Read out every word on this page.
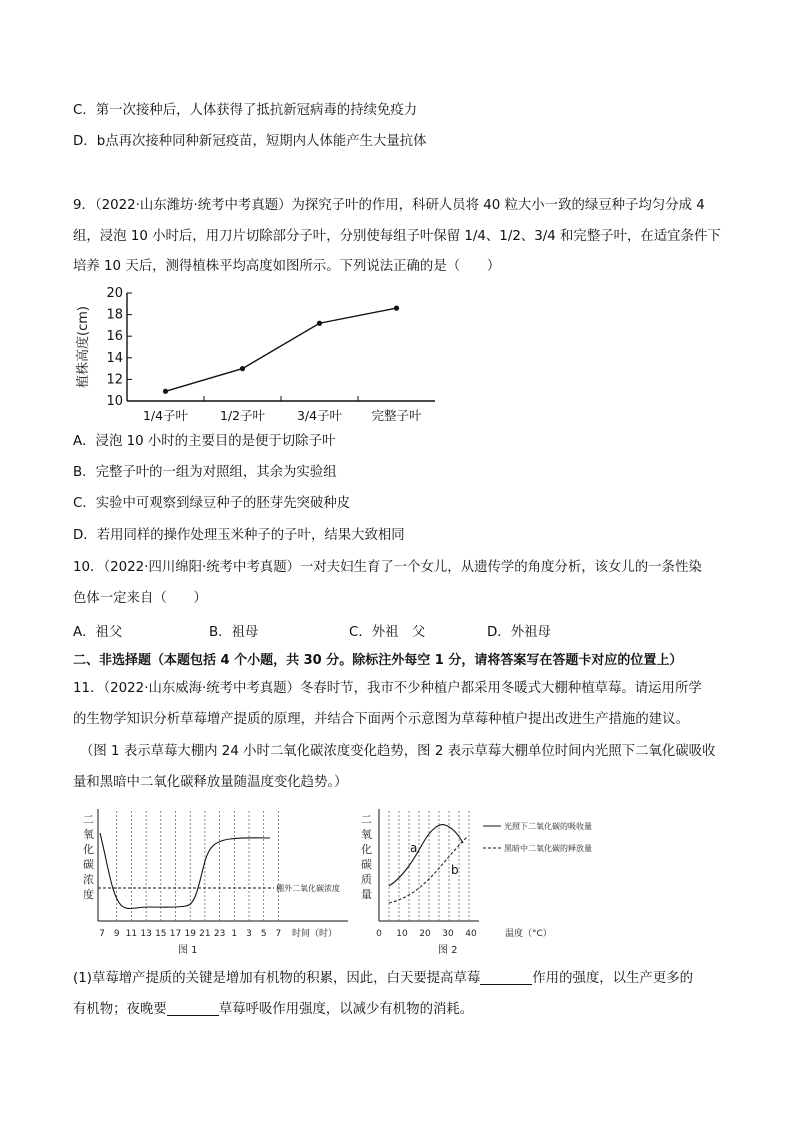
C．第一次接种后，人体获得了抵抗新冠病毒的持续免疫力
D．b点再次接种同种新冠疫苗，短期内人体能产生大量抗体
9．（2022·山东潍坊·统考中考真题）为探究子叶的作用，科研人员将 40 粒大小一致的绿豆种子均匀分成 4
组，浸泡 10 小时后，用刀片切除部分子叶，分别使每组子叶保留 1/4、1/2、3/4 和完整子叶，在适宜条件下
培养 10 天后，测得植株平均高度如图所示。下列说法正确的是（　　）
植株高度(cm)
20
18
16
14
12
10
1/4子叶	1/2子叶	3/4子叶 完整子叶
A．浸泡 10 小时的主要目的是便于切除子叶
B．完整子叶的一组为对照组，其余为实验组
C．实验中可观察到绿豆种子的胚芽先突破种皮
D．若用同样的操作处理玉米种子的子叶，结果大致相同
10．（2022·四川绵阳·统考中考真题）一对夫妇生育了一个女儿，从遗传学的角度分析，该女儿的一条性染
色体一定来自（　　）
A．祖父	B．祖母	C．外祖　父	D．外祖母
二、非选择题（本题包括 4 个小题，共 30 分。除标注外每空 1 分，请将答案写在答题卡对应的位置上）
11．（2022·山东威海·统考中考真题）冬春时节，我市不少种植户都采用冬暖式大棚种植草莓。请运用所学
的生物学知识分析草莓增产提质的原理，并结合下面两个示意图为草莓种植户提出改进生产措施的建议。
（图 1 表示草莓大棚内 24 小时二氧化碳浓度变化趋势，图 2 表示草莓大棚单位时间内光照下二氧化碳吸收
量和黑暗中二氧化碳释放量随温度变化趋势。）
二
氧
化
碳
浓
度	棚外二氧化碳浓度
7 9 11 13 15 17 19 21 23 1 3 5 7 时间（时）
图 1
二
氧
化
碳
质
量
a
b
光照下二氧化碳的吸收量
黑暗中二氧化碳的释放量
0 10 20 30 40	温度（°C）
图 2
(1)草莓增产提质的关键是增加有机物的积累，因此，白天要提高草莓	作用的强度，以生产更多的
有机物；夜晚要	草莓呼吸作用强度，以减少有机物的消耗。
